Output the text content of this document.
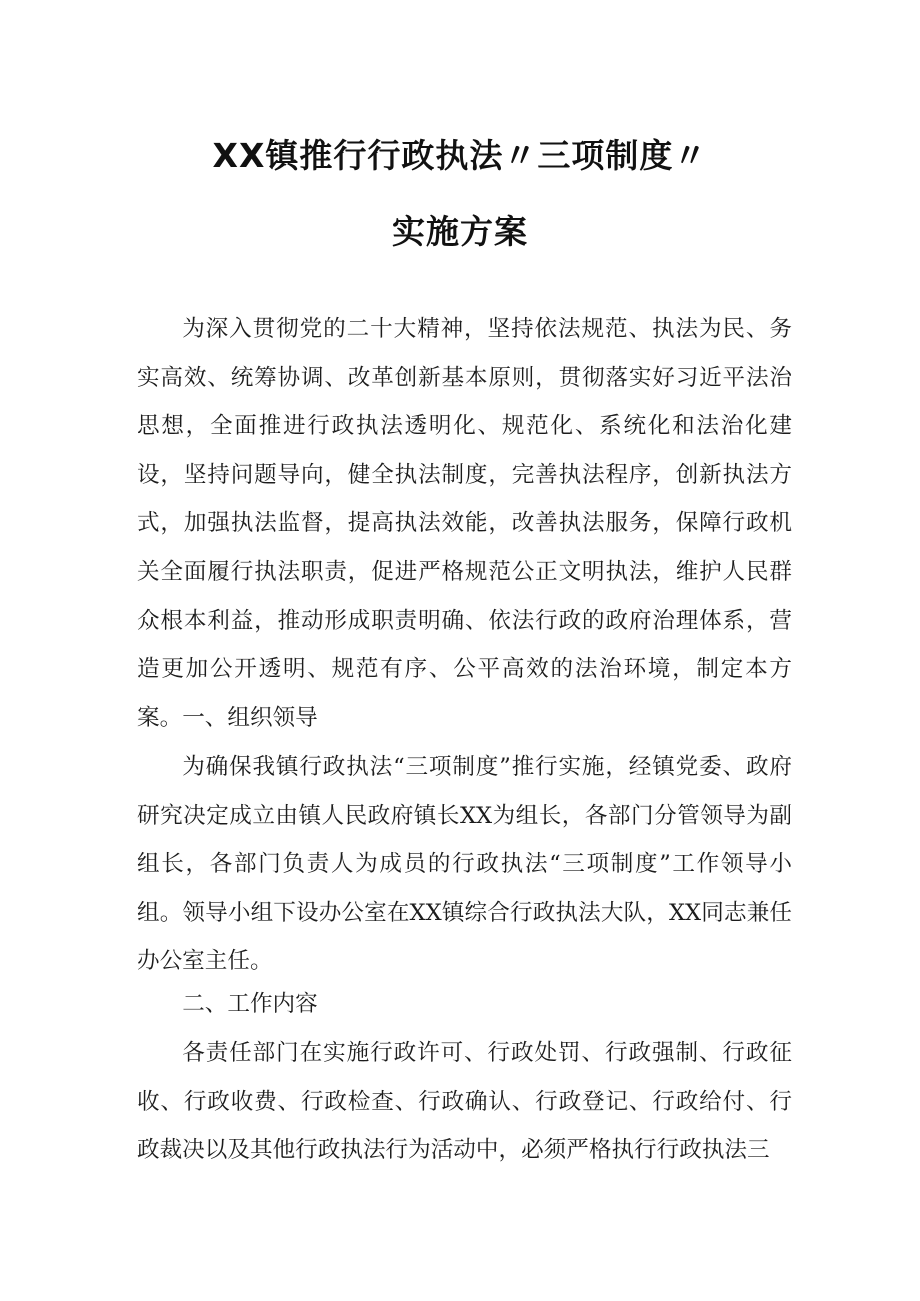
XX镇推行行政执法〃三项制度〃
实施方案

为深入贯彻党的二十大精神，坚持依法规范、执法为民、务实高效、统筹协调、改革创新基本原则，贯彻落实好习近平法治思想，全面推进行政执法透明化、规范化、系统化和法治化建设，坚持问题导向，健全执法制度，完善执法程序，创新执法方式，加强执法监督，提高执法效能，改善执法服务，保障行政机关全面履行执法职责，促进严格规范公正文明执法，维护人民群众根本利益，推动形成职责明确、依法行政的政府治理体系，营造更加公开透明、规范有序、公平高效的法治环境，制定本方案。 一、组织领导

为确保我镇行政执法“三项制度”推行实施，经镇党委、政府研究决定成立由镇人民政府镇长XX为组长，各部门分管领导为副组长，各部门负责人为成员的行政执法“三项制度”工作领导小组。领导小组下设办公室在XX镇综合行政执法大队，XX同志兼任办公室主任。

二、工作内容

各责任部门在实施行政许可、行政处罚、行政强制、行政征收、行政收费、行政检查、行政确认、行政登记、行政给付、行政裁决以及其他行政执法行为活动中，必须严格执行行政执法三
